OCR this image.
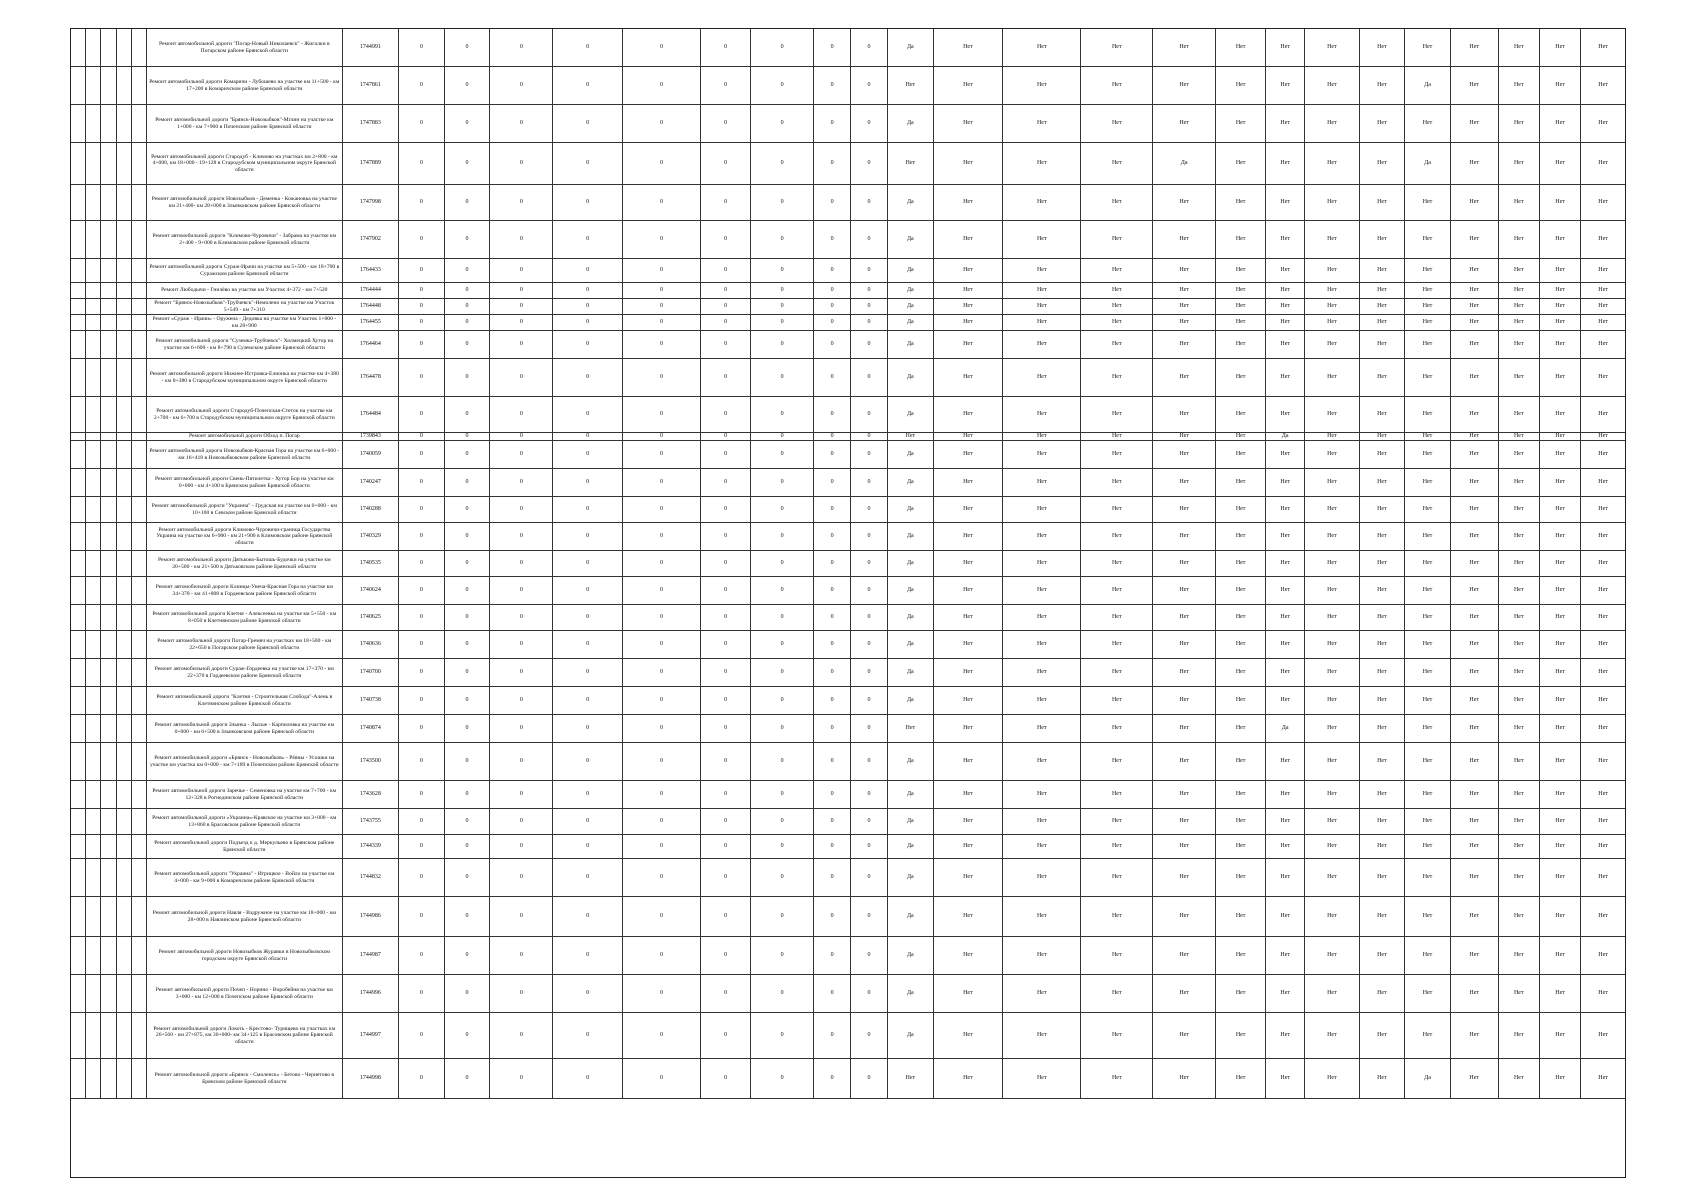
					Ремонт автомобильной дороги "Погар-Новый Николаевск" - Жигалки в Погарском районе Брянской области	1744991	0	0	0	0	0	0	0	0	0	Да	Нет	Нет	Нет	Нет	Нет	Нет	Нет	Нет	Нет	Нет	Нет	Нет	Нет
					Ремонт автомобильной дороги Комаричи - Лубошево на участке км 11+500 - км 17+200 в Комаричском районе Брянской области	1747861	0	0	0	0	0	0	0	0	0	Нет	Нет	Нет	Нет	Нет	Нет	Нет	Нет	Нет	Да	Нет	Нет	Нет	Нет
					Ремонт автомобильной дороги "Брянск-Новозыбков"-Мглин на участке км 1+000 - км 7+900 в Почепском районе Брянской области	1747883	0	0	0	0	0	0	0	0	0	Да	Нет	Нет	Нет	Нет	Нет	Нет	Нет	Нет	Нет	Нет	Нет	Нет	Нет
					Ремонт автомобильной дороги Стародуб - Климово на участках км 2+800 - км 4+000, км 18+000 - 19+128 в Стародубском муниципальном округе Брянской области	1747889	0	0	0	0	0	0	0	0	0	Нет	Нет	Нет	Нет	Да	Нет	Нет	Нет	Нет	Да	Нет	Нет	Нет	Нет
					Ремонт автомобильной дороги Новозыбков - Деменка - Кожановка на участке км 21+400- км 28+000 в Злынковском районе Брянской области	1747998	0	0	0	0	0	0	0	0	0	Да	Нет	Нет	Нет	Нет	Нет	Нет	Нет	Нет	Нет	Нет	Нет	Нет	Нет
					Ремонт автомобильной дороги "Климово-Чуровичи" - Забрама на участке км 2+400 - 9+000 в Климовском районе Брянской области	1747902	0	0	0	0	0	0	0	0	0	Да	Нет	Нет	Нет	Нет	Нет	Нет	Нет	Нет	Нет	Нет	Нет	Нет	Нет
					Ремонт автомобильной дороги Сураж-Ирачи на участке км 5+500 - км 18+700 в Суражском районе Брянской области	1764433	0	0	0	0	0	0	0	0	0	Да	Нет	Нет	Нет	Нет	Нет	Нет	Нет	Нет	Нет	Нет	Нет	Нет	Нет
					Ремонт Любодычи - Гнилёво на участке км Участок 4+372 - км 7+520	1764444	0	0	0	0	0	0	0	0	0	Да	Нет	Нет	Нет	Нет	Нет	Нет	Нет	Нет	Нет	Нет	Нет	Нет	Нет
					Ремонт "Брянск-Новозыбков"-Трубчевск"-Немолено на участке км Участок 5+549 - км 7+310	1764448	0	0	0	0	0	0	0	0	0	Да	Нет	Нет	Нет	Нет	Нет	Нет	Нет	Нет	Нет	Нет	Нет	Нет	Нет
					Ремонт «Сураж - Ирачи» - Оружена - Дедовка на участке км Участок 1+000 - км 28+900	1764455	0	0	0	0	0	0	0	0	0	Да	Нет	Нет	Нет	Нет	Нет	Нет	Нет	Нет	Нет	Нет	Нет	Нет	Нет
					Ремонт автомобильной дороги "Суземка-Трубчевск"- Холмецкий Хутор на участке км 6+600 - км 8+790 в Суземском районе Брянской области	1764464	0	0	0	0	0	0	0	0	0	Да	Нет	Нет	Нет	Нет	Нет	Нет	Нет	Нет	Нет	Нет	Нет	Нет	Нет
					Ремонт автомобильной дороги Нижнее-Истровка-Елионка на участке км 4+380 - км 8+380 в Стародубском муниципальном округе Брянской области	1764478	0	0	0	0	0	0	0	0	0	Да	Нет	Нет	Нет	Нет	Нет	Нет	Нет	Нет	Нет	Нет	Нет	Нет	Нет
					Ремонт автомобильной дороги Стародуб-Почепская-Стеток на участке км 2+700 - км 6+700 в Стародубском муниципальном округе Брянской области	1764484	0	0	0	0	0	0	0	0	0	Да	Нет	Нет	Нет	Нет	Нет	Нет	Нет	Нет	Нет	Нет	Нет	Нет	Нет
					Ремонт автомобильной дороги Обход п. Погар	1739843	0	0	0	0	0	0	0	0	0	Нет	Нет	Нет	Нет	Нет	Нет	Да	Нет	Нет	Нет	Нет	Нет	Нет	Нет
					Ремонт автомобильной дороги Новозыбков-Красная Гора на участке км 6+000 - км 16+418 в Новозыбковском районе Брянской области	1740059	0	0	0	0	0	0	0	0	0	Да	Нет	Нет	Нет	Нет	Нет	Нет	Нет	Нет	Нет	Нет	Нет	Нет	Нет
					Ремонт автомобильной дороги Свень-Пятилетка - Хутор Бор на участке км 0+000 - км 4+100 в Брянском районе Брянской области	1740247	0	0	0	0	0	0	0	0	0	Да	Нет	Нет	Нет	Нет	Нет	Нет	Нет	Нет	Нет	Нет	Нет	Нет	Нет
					Ремонт автомобильной дороги "Украина" - Грудская на участке км 0+000 - км 10+100 в Севском районе Брянской области	1740288	0	0	0	0	0	0	0	0	0	Да	Нет	Нет	Нет	Нет	Нет	Нет	Нет	Нет	Нет	Нет	Нет	Нет	Нет
					Ремонт автомобильной дороги Климово-Чуровичи-граница Государства Украина на участке км 6+900 - км 21+900 в Климовском районе Брянской области	1740329	0	0	0	0	0	0	0	0	0	Да	Нет	Нет	Нет	Нет	Нет	Нет	Нет	Нет	Нет	Нет	Нет	Нет	Нет
					Ремонт автомобильной дороги Дятьково-Бытошь-Будочки на участке км 20+500 - км 21+500 в Дятьковском районе Брянской области	1740535	0	0	0	0	0	0	0	0	0	Да	Нет	Нет	Нет	Нет	Нет	Нет	Нет	Нет	Нет	Нет	Нет	Нет	Нет
					Ремонт автомобильной дороги Клинцы-Унеча-Красная Гора на участке км 34+378 - км 41+808 в Гордеевском районе Брянской области	1740624	0	0	0	0	0	0	0	0	0	Да	Нет	Нет	Нет	Нет	Нет	Нет	Нет	Нет	Нет	Нет	Нет	Нет	Нет
					Ремонт автомобильной дороги Клетня - Алексеевка на участке км 5+550 - км 8+050 в Клетнянском районе Брянской области	1740625	0	0	0	0	0	0	0	0	0	Да	Нет	Нет	Нет	Нет	Нет	Нет	Нет	Нет	Нет	Нет	Нет	Нет	Нет
					Ремонт автомобильной дороги Погар-Гремяч на участках км 18+500 - км 22+650 в Погарском районе Брянской области	1740636	0	0	0	0	0	0	0	0	0	Да	Нет	Нет	Нет	Нет	Нет	Нет	Нет	Нет	Нет	Нет	Нет	Нет	Нет
					Ремонт автомобильной дороги Сураж-Гордеевка на участке км 17+370 - км 22+370 в Гордеевском районе Брянской области	1740700	0	0	0	0	0	0	0	0	0	Да	Нет	Нет	Нет	Нет	Нет	Нет	Нет	Нет	Нет	Нет	Нет	Нет	Нет
					Ремонт автомобильной дороги "Клетня - Строительная Слобода"-Алень в Клетнянском районе Брянской области	1740738	0	0	0	0	0	0	0	0	0	Да	Нет	Нет	Нет	Нет	Нет	Нет	Нет	Нет	Нет	Нет	Нет	Нет	Нет
					Ремонт автомобильной дороги Злынка - Лысые - Карпиловка на участке км 0+000 - км 6+500 в Злынковском районе Брянской области	1740874	0	0	0	0	0	0	0	0	0	Нет	Нет	Нет	Нет	Нет	Нет	Да	Нет	Нет	Нет	Нет	Нет	Нет	Нет
					Ремонт автомобильной дороги «Брянск - Новозыбков» - Рёвны - Усошки на участке км участка км 0+000 - км 7+189 в Почепском районе Брянской области	1743500	0	0	0	0	0	0	0	0	0	Да	Нет	Нет	Нет	Нет	Нет	Нет	Нет	Нет	Нет	Нет	Нет	Нет	Нет
					Ремонт автомобильной дороги Заречье - Семеновка на участке км 7+700 - км 12+328 в Рогнединском районе Брянской области	1743628	0	0	0	0	0	0	0	0	0	Да	Нет	Нет	Нет	Нет	Нет	Нет	Нет	Нет	Нет	Нет	Нет	Нет	Нет
					Ремонт автомобильной дороги «Украина»-Кравское на участке км 3+000 - км 13+860 в Брасовском районе Брянской области	1743755	0	0	0	0	0	0	0	0	0	Да	Нет	Нет	Нет	Нет	Нет	Нет	Нет	Нет	Нет	Нет	Нет	Нет	Нет
					Ремонт автомобильной дороги Подъезд к д. Меркульево в Брянском районе Брянской области	1744339	0	0	0	0	0	0	0	0	0	Да	Нет	Нет	Нет	Нет	Нет	Нет	Нет	Нет	Нет	Нет	Нет	Нет	Нет
					Ремонт автомобильной дороги "Украина" - Игрицкое - Войло на участке км 4+000 - км 9+000 в Комаричском районе Брянской области	1744832	0	0	0	0	0	0	0	0	0	Да	Нет	Нет	Нет	Нет	Нет	Нет	Нет	Нет	Нет	Нет	Нет	Нет	Нет
					Ремонт автомобильной дороги Навля - Вздружное на участке км 18+000 - км 28+000 в Навлинском районе Брянской области	1744986	0	0	0	0	0	0	0	0	0	Да	Нет	Нет	Нет	Нет	Нет	Нет	Нет	Нет	Нет	Нет	Нет	Нет	Нет
					Ремонт автомобильной дороги Новозыбков Журавки в Новозыбковском городском округе Брянской области	1744987	0	0	0	0	0	0	0	0	0	Да	Нет	Нет	Нет	Нет	Нет	Нет	Нет	Нет	Нет	Нет	Нет	Нет	Нет
					Ремонт автомобильной дороги Почеп - Норино - Воробейня на участке км 3+000 - км 12+000 в Почепском районе Брянской области	1744996	0	0	0	0	0	0	0	0	0	Да	Нет	Нет	Нет	Нет	Нет	Нет	Нет	Нет	Нет	Нет	Нет	Нет	Нет
					Ремонт автомобильной дороги Локоть - Крестово- Турищево на участках км 26+560 - км 27+875, км 30+000- км 34+125 в Брасовском районе Брянской области	1744997	0	0	0	0	0	0	0	0	0	Да	Нет	Нет	Нет	Нет	Нет	Нет	Нет	Нет	Нет	Нет	Нет	Нет	Нет
					Ремонт автомобильной дороги «Брянск - Смоленск» - Бетово - Чернетово в Брянском районе Брянской области	1744998	0	0	0	0	0	0	0	0	0	Нет	Нет	Нет	Нет	Нет	Нет	Нет	Нет	Нет	Да	Нет	Нет	Нет	Нет
